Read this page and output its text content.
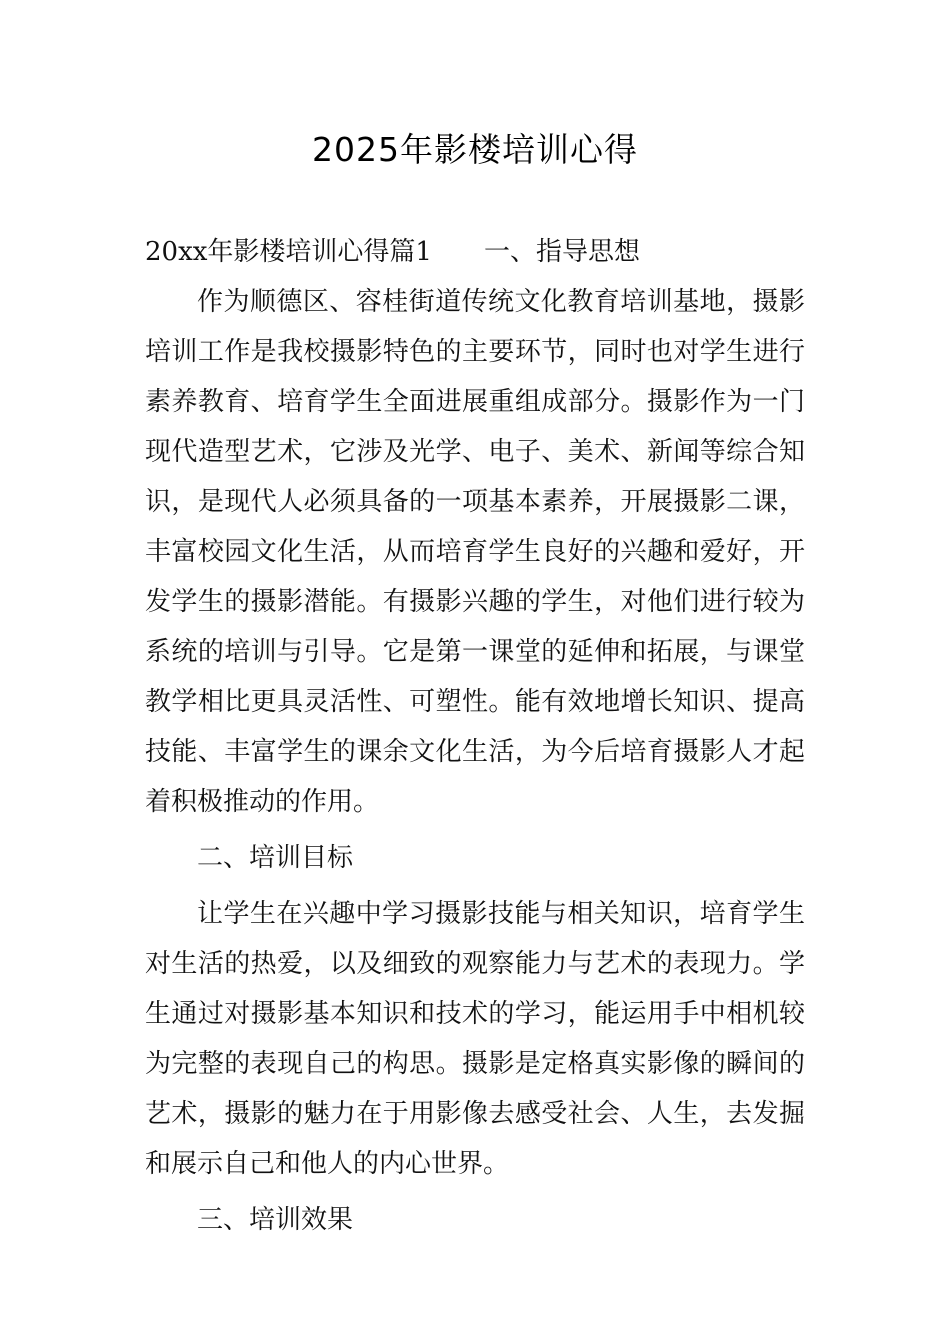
2025年影楼培训心得

20xx年影楼培训心得篇1　　一、指导思想

作为顺德区、容桂街道传统文化教育培训基地，摄影培训工作是我校摄影特色的主要环节，同时也对学生进行素养教育、培育学生全面进展重组成部分。摄影作为一门现代造型艺术，它涉及光学、电子、美术、新闻等综合知识，是现代人必须具备的一项基本素养，开展摄影二课，丰富校园文化生活，从而培育学生良好的兴趣和爱好，开发学生的摄影潜能。有摄影兴趣的学生，对他们进行较为系统的培训与引导。它是第一课堂的延伸和拓展，与课堂教学相比更具灵活性、可塑性。能有效地增长知识、提高技能、丰富学生的课余文化生活，为今后培育摄影人才起着积极推动的作用。

二、培训目标

让学生在兴趣中学习摄影技能与相关知识，培育学生对生活的热爱，以及细致的观察能力与艺术的表现力。学生通过对摄影基本知识和技术的学习，能运用手中相机较为完整的表现自己的构思。摄影是定格真实影像的瞬间的艺术，摄影的魅力在于用影像去感受社会、人生，去发掘和展示自己和他人的内心世界。

三、培训效果
